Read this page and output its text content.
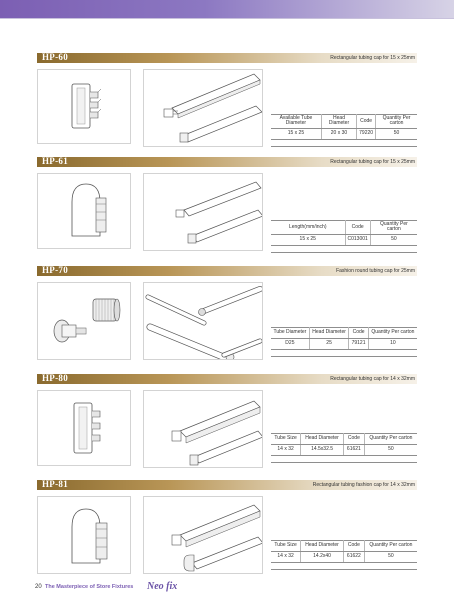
HP-60	Rectangular tubing cap for 15 x 25mm
Available Tube Diameter	Head Diameter	Code	Quantity Per carton
15 x 25	20 x 30	79220	50

HP-61	Rectangular tubing cap for 15 x 25mm
Length(mm/inch)	Code	Quantity Per carton
15 x 25	C013001	50

HP-70	Fashion round tubing cap for 25mm
Tube Diameter	Head Diameter	Code	Quantity Per carton
D25	25	79121	10

HP-80	Rectangular tubing cap for 14 x 32mm
Tube Size	Head Diameter	Code	Quantity Per carton
14 x 32	14.5x32.5	61621	50

HP-81	Rectangular tubing fashion cap for 14 x 32mm
Tube Size	Head Diameter	Code	Quantity Per carton
14 x 32	14.2x40	61622	50

20 The Masterpiece of Store Fixtures Neo fix
